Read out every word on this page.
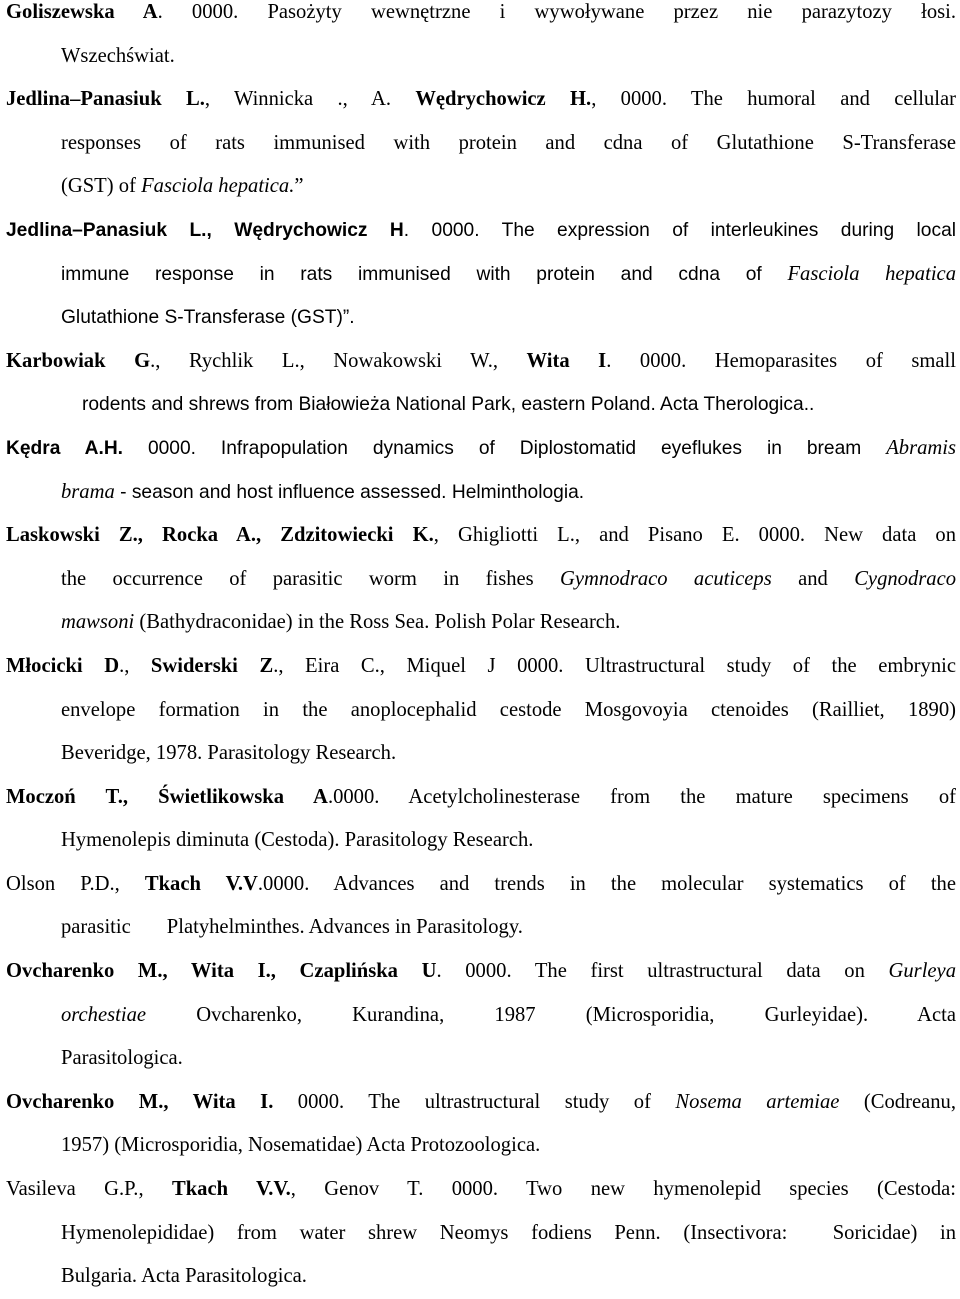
Goliszewska A. 0000. Pasożyty wewnętrzne i wywoływane przez nie parazytozy łosi.
Wszechświat.

Jedlina–Panasiuk L., Winnicka ., A. Wędrychowicz H., 0000. The humoral and cellular
responses of rats immunised with protein and cdna of Glutathione S-Transferase
(GST) of Fasciola hepatica.”

Jedlina–Panasiuk L., Wędrychowicz H. 0000. The expression of interleukines during local
immune response in rats immunised with protein and cdna of Fasciola hepatica
Glutathione S-Transferase (GST)”.

Karbowiak G., Rychlik L., Nowakowski W., Wita I. 0000. Hemoparasites of small
rodents and shrews from Białowieża National Park, eastern Poland. Acta Therologica..

Kędra A.H. 0000. Infrapopulation dynamics of Diplostomatid eyeflukes in bream Abramis
brama - season and host influence assessed. Helminthologia.

Laskowski Z., Rocka A., Zdzitowiecki K., Ghigliotti L., and Pisano E. 0000. New data on
the occurrence of parasitic worm in fishes Gymnodraco acuticeps and Cygnodraco
mawsoni (Bathydraconidae) in the Ross Sea. Polish Polar Research.

Młocicki D., Swiderski Z., Eira C., Miquel J 0000. Ultrastructural study of the embrynic
envelope formation in the anoplocephalid cestode Mosgovoyia ctenoides (Railliet, 1890)
Beveridge, 1978. Parasitology Research.

Moczoń T., Świetlikowska A.0000. Acetylcholinesterase from the mature specimens of
Hymenolepis diminuta (Cestoda). Parasitology Research.

Olson P.D., Tkach V.V.0000. Advances and trends in the molecular systematics of the
parasitic       Platyhelminthes. Advances in Parasitology.

Ovcharenko M., Wita I., Czaplińska U. 0000. The first ultrastructural data on Gurleya
orchestiae Ovcharenko, Kurandina, 1987 (Microsporidia, Gurleyidae). Acta
Parasitologica.

Ovcharenko M., Wita I. 0000. The ultrastructural study of Nosema artemiae (Codreanu,
1957) (Microsporidia, Nosematidae) Acta Protozoologica.

Vasileva G.P., Tkach V.V., Genov T. 0000. Two new hymenolepid species (Cestoda:
Hymenolepididae) from water shrew Neomys fodiens Penn. (Insectivora:  Soricidae) in
Bulgaria. Acta Parasitologica.
